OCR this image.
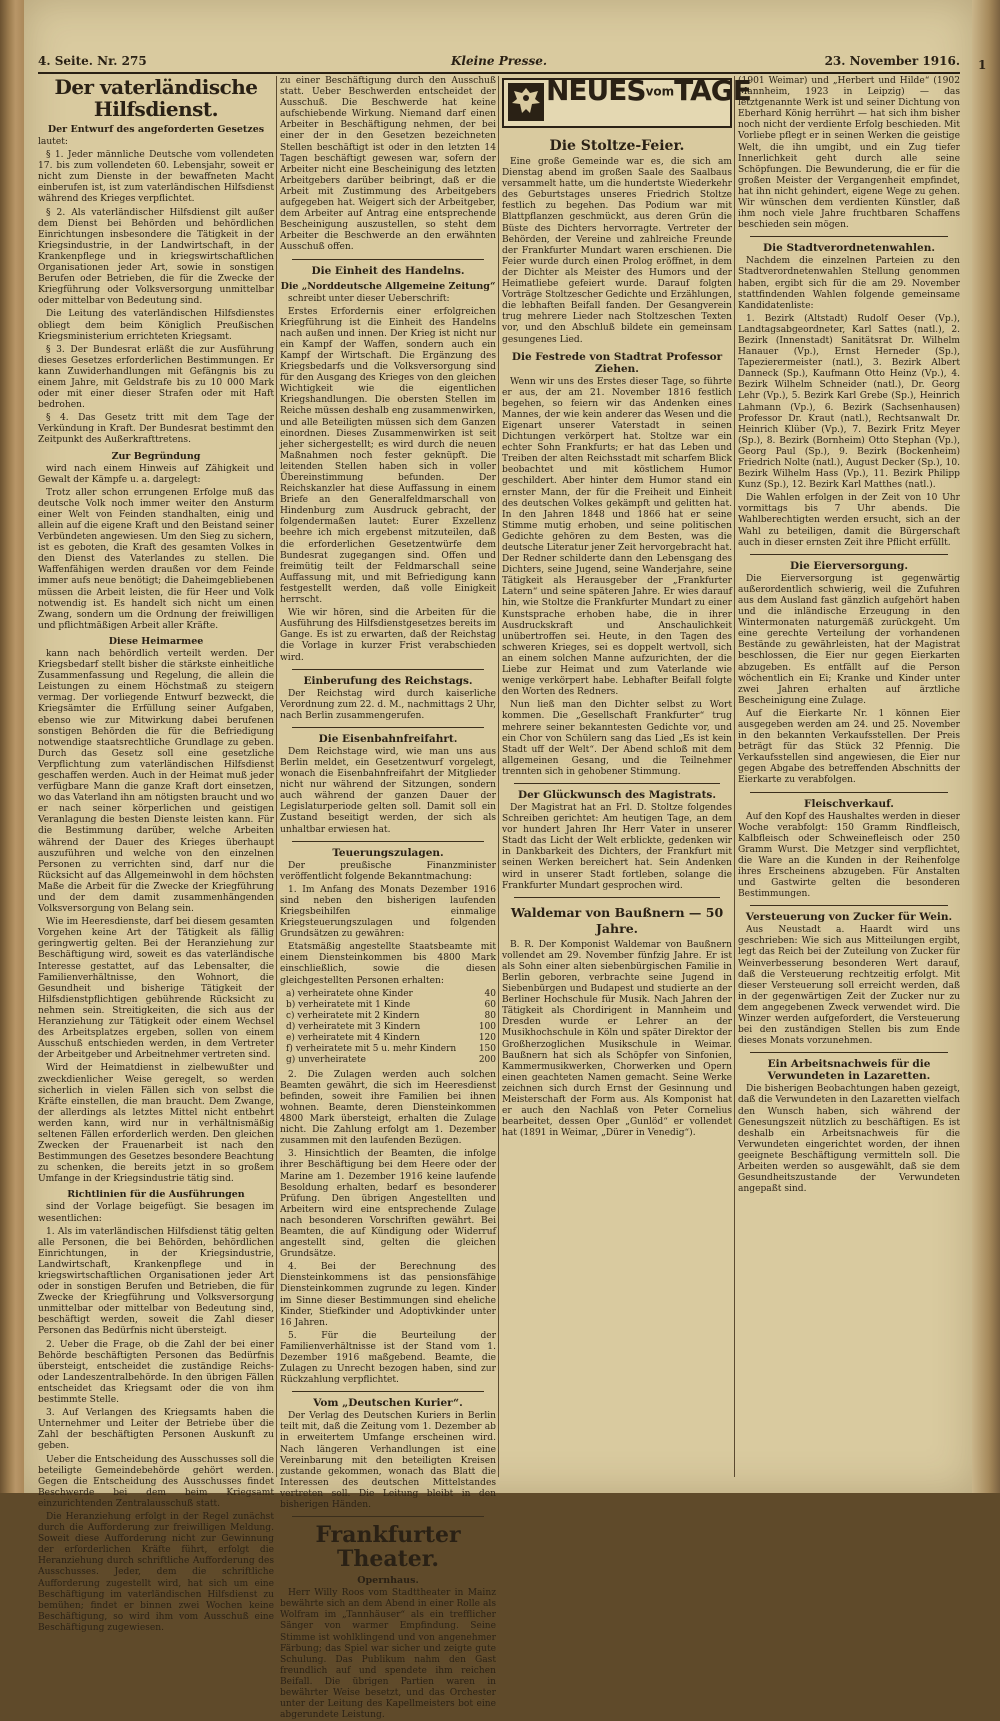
4. Seite. Nr. 275	Kleine Presse.	23. November 1916.
Der vaterländische Hilfsdienst.
Der Entwurf des angeforderten Gesetzes

lautet:

§ 1. Jeder männliche Deutsche vom vollendeten 17. bis zum vollendeten 60. Lebensjahr, soweit er nicht zum Dienste in der bewaffneten Macht einberufen ist, ist zum vaterländischen Hilfsdienst während des Krieges verpflichtet.

§ 2. Als vaterländischer Hilfsdienst gilt außer dem Dienst bei Behörden und behördlichen Einrichtungen insbesondere die Tätigkeit in der Kriegsindustrie, in der Landwirtschaft, in der Krankenpflege und in kriegswirtschaftlichen Organisationen jeder Art, sowie in sonstigen Berufen oder Betrieben, die für die Zwecke der Kriegführung oder Volksversorgung unmittelbar oder mittelbar von Bedeutung sind.

Die Leitung des vaterländischen Hilfsdienstes obliegt dem beim Königlich Preußischen Kriegsministerium errichteten Kriegsamt.

§ 3. Der Bundesrat erläßt die zur Ausführung dieses Gesetzes erforderlichen Bestimmungen. Er kann Zuwiderhandlungen mit Gefängnis bis zu einem Jahre, mit Geldstrafe bis zu 10 000 Mark oder mit einer dieser Strafen oder mit Haft bedrohen.

§ 4. Das Gesetz tritt mit dem Tage der Verkündung in Kraft. Der Bundesrat bestimmt den Zeitpunkt des Außerkrafttretens.

Zur Begründung

wird nach einem Hinweis auf Zähigkeit und Gewalt der Kämpfe u. a. dargelegt:

Trotz aller schon errungenen Erfolge muß das deutsche Volk noch immer weiter den Ansturm einer Welt von Feinden standhalten, einig und allein auf die eigene Kraft und den Beistand seiner Verbündeten angewiesen. Um den Sieg zu sichern, ist es geboten, die Kraft des gesamten Volkes in den Dienst des Vaterlandes zu stellen. Die Waffenfähigen werden draußen vor dem Feinde immer aufs neue benötigt; die Daheimgebliebenen müssen die Arbeit leisten, die für Heer und Volk notwendig ist. Es handelt sich nicht um einen Zwang, sondern um die Ordnung der freiwilligen und pflichtmäßigen Arbeit aller Kräfte.

Diese Heimarmee

kann nach behördlich verteilt werden. Der Kriegsbedarf stellt bisher die stärkste einheitliche Zusammenfassung und Regelung, die allein die Leistungen zu einem Höchstmaß zu steigern vermag. Der vorliegende Entwurf bezweckt, die Kriegsämter die Erfüllung seiner Aufgaben, ebenso wie zur Mitwirkung dabei berufenen sonstigen Behörden die für die Befriedigung notwendige staatsrechtliche Grundlage zu geben. Durch das Gesetz soll eine gesetzliche Verpflichtung zum vaterländischen Hilfsdienst geschaffen werden. Auch in der Heimat muß jeder verfügbare Mann die ganze Kraft dort einsetzen, wo das Vaterland ihn am nötigsten braucht und wo er nach seiner körperlichen und geistigen Veranlagung die besten Dienste leisten kann. Für die Bestimmung darüber, welche Arbeiten während der Dauer des Krieges überhaupt auszuführen und welche von den einzelnen Personen zu verrichten sind, darf nur die Rücksicht auf das Allgemeinwohl in dem höchsten Maße die Arbeit für die Zwecke der Kriegführung und der dem damit zusammenhängenden Volksversorgung von Belang sein.

Wie im Heeresdienste, darf bei diesem gesamten Vorgehen keine Art der Tätigkeit als fällig geringwertig gelten. Bei der Heranziehung zur Beschäftigung wird, soweit es das vaterländische Interesse gestattet, auf das Lebensalter, die Familienverhältnisse, den Wohnort, die Gesundheit und bisherige Tätigkeit der Hilfsdienstpflichtigen gebührende Rücksicht zu nehmen sein. Streitigkeiten, die sich aus der Heranziehung zur Tätigkeit oder einem Wechsel des Arbeitsplatzes ergeben, sollen von einem Ausschuß entschieden werden, in dem Vertreter der Arbeitgeber und Arbeitnehmer vertreten sind.

Wird der Heimatdienst in zielbewußter und zweckdienlicher Weise geregelt, so werden sicherlich in vielen Fällen sich von selbst die Kräfte einstellen, die man braucht. Dem Zwange, der allerdings als letztes Mittel nicht entbehrt werden kann, wird nur in verhältnismäßig seltenen Fällen erforderlich werden. Den gleichen Zwecken der Frauenarbeit ist nach den Bestimmungen des Gesetzes besondere Beachtung zu schenken, die bereits jetzt in so großem Umfange in der Kriegsindustrie tätig sind.

Richtlinien für die Ausführungen

sind der Vorlage beigefügt. Sie besagen im wesentlichen:

1. Als im vaterländischen Hilfsdienst tätig gelten alle Personen, die bei Behörden, behördlichen Einrichtungen, in der Kriegsindustrie, Landwirtschaft, Krankenpflege und in kriegswirtschaftlichen Organisationen jeder Art oder in sonstigen Berufen und Betrieben, die für Zwecke der Kriegführung und Volksversorgung unmittelbar oder mittelbar von Bedeutung sind, beschäftigt werden, soweit die Zahl dieser Personen das Bedürfnis nicht übersteigt.

2. Ueber die Frage, ob die Zahl der bei einer Behörde beschäftigten Personen das Bedürfnis übersteigt, entscheidet die zuständige Reichs- oder Landeszentralbehörde. In den übrigen Fällen entscheidet das Kriegsamt oder die von ihm bestimmte Stelle.

3. Auf Verlangen des Kriegsamts haben die Unternehmer und Leiter der Betriebe über die Zahl der beschäftigten Personen Auskunft zu geben.

Ueber die Entscheidung des Ausschusses soll die beteiligte Gemeindebehörde gehört werden. Gegen die Entscheidung des Ausschusses findet Beschwerde bei dem beim Kriegsamt einzurichtenden Zentralausschuß statt.

Die Heranziehung erfolgt in der Regel zunächst durch die Aufforderung zur freiwilligen Meldung. Soweit diese Aufforderung nicht zur Gewinnung der erforderlichen Kräfte führt, erfolgt die Heranziehung durch schriftliche Aufforderung des Ausschusses. Jeder, dem die schriftliche Aufforderung zugestellt wird, hat sich um eine Beschäftigung im vaterländischen Hilfsdienst zu bemühen; findet er binnen zwei Wochen keine Beschäftigung, so wird ihm vom Ausschuß eine Beschäftigung zugewiesen.

zu einer Beschäftigung durch den Ausschuß statt. Ueber Beschwerden entscheidet der Ausschuß. Die Beschwerde hat keine aufschiebende Wirkung. Niemand darf einen Arbeiter in Beschäftigung nehmen, der bei einer der in den Gesetzen bezeichneten Stellen beschäftigt ist oder in den letzten 14 Tagen beschäftigt gewesen war, sofern der Arbeiter nicht eine Bescheinigung des letzten Arbeitgebers darüber beibringt, daß er die Arbeit mit Zustimmung des Arbeitgebers aufgegeben hat. Weigert sich der Arbeitgeber, dem Arbeiter auf Antrag eine entsprechende Bescheinigung auszustellen, so steht dem Arbeiter die Beschwerde an den erwähnten Ausschuß offen.

Die Einheit des Handelns.
Die „Norddeutsche Allgemeine Zeitung“

schreibt unter dieser Ueberschrift:

Erstes Erfordernis einer erfolgreichen Kriegführung ist die Einheit des Handelns nach außen und innen. Der Krieg ist nicht nur ein Kampf der Waffen, sondern auch ein Kampf der Wirtschaft. Die Ergänzung des Kriegsbedarfs und die Volksversorgung sind für den Ausgang des Krieges von den gleichen Wichtigkeit wie die eigentlichen Kriegshandlungen. Die obersten Stellen im Reiche müssen deshalb eng zusammenwirken, und alle Beteiligten müssen sich dem Ganzen einordnen. Dieses Zusammenwirken ist seit jeher sichergestellt; es wird durch die neuen Maßnahmen noch fester geknüpft. Die leitenden Stellen haben sich in voller Übereinstimmung befunden. Der Reichskanzler hat diese Auffassung in einem Briefe an den Generalfeldmarschall von Hindenburg zum Ausdruck gebracht, der folgendermaßen lautet: Eurer Exzellenz beehre ich mich ergebenst mitzuteilen, daß die erforderlichen Gesetzentwürfe dem Bundesrat zugegangen sind. Offen und freimütig teilt der Feldmarschall seine Auffassung mit, und mit Befriedigung kann festgestellt werden, daß volle Einigkeit herrscht.

Wie wir hören, sind die Arbeiten für die Ausführung des Hilfsdienstgesetzes bereits im Gange. Es ist zu erwarten, daß der Reichstag die Vorlage in kurzer Frist verabschieden wird.

Einberufung des Reichstags.

Der Reichstag wird durch kaiserliche Verordnung zum 22. d. M., nachmittags 2 Uhr, nach Berlin zusammengerufen.

Die Eisenbahnfreifahrt.

Dem Reichstage wird, wie man uns aus Berlin meldet, ein Gesetzentwurf vorgelegt, wonach die Eisenbahnfreifahrt der Mitglieder nicht nur während der Sitzungen, sondern auch während der ganzen Dauer der Legislaturperiode gelten soll. Damit soll ein Zustand beseitigt werden, der sich als unhaltbar erwiesen hat.

Teuerungszulagen.

Der preußische Finanzminister veröffentlicht folgende Bekanntmachung:

1. Im Anfang des Monats Dezember 1916 sind neben den bisherigen laufenden Kriegsbeihilfen einmalige Kriegsteuerungszulagen und folgenden Grundsätzen zu gewähren:

Etatsmäßig angestellte Staatsbeamte mit einem Diensteinkommen bis 4800 Mark einschließlich, sowie die diesen gleichgestellten Personen erhalten:

a) verheiratete ohne Kinder	40
b) verheiratete mit 1 Kinde	60
c) verheiratete mit 2 Kindern	80
d) verheiratete mit 3 Kindern	100
e) verheiratete mit 4 Kindern	120
f) verheiratete mit 5 u. mehr Kindern	150
g) unverheiratete	200

2. Die Zulagen werden auch solchen Beamten gewährt, die sich im Heeresdienst befinden, soweit ihre Familien bei ihnen wohnen. Beamte, deren Diensteinkommen 4800 Mark übersteigt, erhalten die Zulage nicht. Die Zahlung erfolgt am 1. Dezember zusammen mit den laufenden Bezügen.

3. Hinsichtlich der Beamten, die infolge ihrer Beschäftigung bei dem Heere oder der Marine am 1. Dezember 1916 keine laufende Besoldung erhalten, bedarf es besonderer Prüfung. Den übrigen Angestellten und Arbeitern wird eine entsprechende Zulage nach besonderen Vorschriften gewährt. Bei Beamten, die auf Kündigung oder Widerruf angestellt sind, gelten die gleichen Grundsätze.

4. Bei der Berechnung des Diensteinkommens ist das pensionsfähige Diensteinkommen zugrunde zu legen. Kinder im Sinne dieser Bestimmungen sind eheliche Kinder, Stiefkinder und Adoptivkinder unter 16 Jahren.

5. Für die Beurteilung der Familienverhältnisse ist der Stand vom 1. Dezember 1916 maßgebend. Beamte, die Zulagen zu Unrecht bezogen haben, sind zur Rückzahlung verpflichtet.

Vom „Deutschen Kurier“.

Der Verlag des Deutschen Kuriers in Berlin teilt mit, daß die Zeitung vom 1. Dezember ab in erweitertem Umfange erscheinen wird. Nach längeren Verhandlungen ist eine Vereinbarung mit den beteiligten Kreisen zustande gekommen, wonach das Blatt die Interessen des deutschen Mittelstandes vertreten soll. Die Leitung bleibt in den bisherigen Händen.

Frankfurter Theater.
Opernhaus.

Herr Willy Roos vom Stadttheater in Mainz bewährte sich an dem Abend in einer Rolle als Wolfram im „Tannhäuser“ als ein trefflicher Sänger von warmer Empfindung. Seine Stimme ist wohlklingend und von angenehmer Färbung; das Spiel war sicher und zeigte gute Schulung. Das Publikum nahm den Gast freundlich auf und spendete ihm reichen Beifall. Die übrigen Partien waren in bewährter Weise besetzt, und das Orchester unter der Leitung des Kapellmeisters bot eine abgerundete Leistung.

NEUESvomTAGE
Die Stoltze-Feier.

Eine große Gemeinde war es, die sich am Dienstag abend im großen Saale des Saalbaus versammelt hatte, um die hundertste Wiederkehr des Geburtstages unseres Friedrich Stoltze festlich zu begehen. Das Podium war mit Blattpflanzen geschmückt, aus deren Grün die Büste des Dichters hervorragte. Vertreter der Behörden, der Vereine und zahlreiche Freunde der Frankfurter Mundart waren erschienen. Die Feier wurde durch einen Prolog eröffnet, in dem der Dichter als Meister des Humors und der Heimatliebe gefeiert wurde. Darauf folgten Vorträge Stoltzescher Gedichte und Erzählungen, die lebhaften Beifall fanden. Der Gesangverein trug mehrere Lieder nach Stoltzeschen Texten vor, und den Abschluß bildete ein gemeinsam gesungenes Lied.

Die Festrede von Stadtrat Professor Ziehen.

Wenn wir uns des Erstes dieser Tage, so führte er aus, der am 21. November 1816 festlich begehen, so feiern wir das Andenken eines Mannes, der wie kein anderer das Wesen und die Eigenart unserer Vaterstadt in seinen Dichtungen verkörpert hat. Stoltze war ein echter Sohn Frankfurts; er hat das Leben und Treiben der alten Reichsstadt mit scharfem Blick beobachtet und mit köstlichem Humor geschildert. Aber hinter dem Humor stand ein ernster Mann, der für die Freiheit und Einheit des deutschen Volkes gekämpft und gelitten hat. In den Jahren 1848 und 1866 hat er seine Stimme mutig erhoben, und seine politischen Gedichte gehören zu dem Besten, was die deutsche Literatur jener Zeit hervorgebracht hat. Der Redner schilderte dann den Lebensgang des Dichters, seine Jugend, seine Wanderjahre, seine Tätigkeit als Herausgeber der „Frankfurter Latern“ und seine späteren Jahre. Er wies darauf hin, wie Stoltze die Frankfurter Mundart zu einer Kunstsprache erhoben habe, die in ihrer Ausdruckskraft und Anschaulichkeit unübertroffen sei. Heute, in den Tagen des schweren Krieges, sei es doppelt wertvoll, sich an einem solchen Manne aufzurichten, der die Liebe zur Heimat und zum Vaterlande wie wenige verkörpert habe. Lebhafter Beifall folgte den Worten des Redners.

Nun ließ man den Dichter selbst zu Wort kommen. Die „Gesellschaft Frankfurter“ trug mehrere seiner bekanntesten Gedichte vor, und ein Chor von Schülern sang das Lied „Es ist kein Stadt uff der Welt“. Der Abend schloß mit dem allgemeinen Gesang, und die Teilnehmer trennten sich in gehobener Stimmung.

Der Glückwunsch des Magistrats.

Der Magistrat hat an Frl. D. Stoltze folgendes Schreiben gerichtet: Am heutigen Tage, an dem vor hundert Jahren Ihr Herr Vater in unserer Stadt das Licht der Welt erblickte, gedenken wir in Dankbarkeit des Dichters, der Frankfurt mit seinen Werken bereichert hat. Sein Andenken wird in unserer Stadt fortleben, solange die Frankfurter Mundart gesprochen wird.

Waldemar von Baußnern — 50 Jahre.

B. R. Der Komponist Waldemar von Baußnern vollendet am 29. November fünfzig Jahre. Er ist als Sohn einer alten siebenbürgischen Familie in Berlin geboren, verbrachte seine Jugend in Siebenbürgen und Budapest und studierte an der Berliner Hochschule für Musik. Nach Jahren der Tätigkeit als Chordirigent in Mannheim und Dresden wurde er Lehrer an der Musikhochschule in Köln und später Direktor der Großherzoglichen Musikschule in Weimar. Baußnern hat sich als Schöpfer von Sinfonien, Kammermusikwerken, Chorwerken und Opern einen geachteten Namen gemacht. Seine Werke zeichnen sich durch Ernst der Gesinnung und Meisterschaft der Form aus. Als Komponist hat er auch den Nachlaß von Peter Cornelius bearbeitet, dessen Oper „Gunlöd“ er vollendet hat (1891 in Weimar, „Dürer in Venedig“).

(1901 Weimar) und „Herbert und Hilde“ (1902 Mannheim, 1923 in Leipzig) — das letztgenannte Werk ist und seiner Dichtung von Eberhard König herrührt — hat sich ihm bisher noch nicht der verdiente Erfolg beschieden. Mit Vorliebe pflegt er in seinen Werken die geistige Welt, die ihn umgibt, und ein Zug tiefer Innerlichkeit geht durch alle seine Schöpfungen. Die Bewunderung, die er für die großen Meister der Vergangenheit empfindet, hat ihn nicht gehindert, eigene Wege zu gehen. Wir wünschen dem verdienten Künstler, daß ihm noch viele Jahre fruchtbaren Schaffens beschieden sein mögen.

Die Stadtverordnetenwahlen.

Nachdem die einzelnen Parteien zu den Stadtverordnetenwahlen Stellung genommen haben, ergibt sich für die am 29. November stattfindenden Wahlen folgende gemeinsame Kandidatenliste:

1. Bezirk (Altstadt) Rudolf Oeser (Vp.), Landtagsabgeordneter, Karl Sattes (natl.), 2. Bezirk (Innenstadt) Sanitätsrat Dr. Wilhelm Hanauer (Vp.), Ernst Herneder (Sp.), Tapezierermeister (natl.), 3. Bezirk Albert Danneck (Sp.), Kaufmann Otto Heinz (Vp.), 4. Bezirk Wilhelm Schneider (natl.), Dr. Georg Lehr (Vp.), 5. Bezirk Karl Grebe (Sp.), Heinrich Lahmann (Vp.), 6. Bezirk (Sachsenhausen) Professor Dr. Kraut (natl.), Rechtsanwalt Dr. Heinrich Klüber (Vp.), 7. Bezirk Fritz Meyer (Sp.), 8. Bezirk (Bornheim) Otto Stephan (Vp.), Georg Paul (Sp.), 9. Bezirk (Bockenheim) Friedrich Nolte (natl.), August Decker (Sp.), 10. Bezirk Wilhelm Hass (Vp.), 11. Bezirk Philipp Kunz (Sp.), 12. Bezirk Karl Matthes (natl.).

Die Wahlen erfolgen in der Zeit von 10 Uhr vormittags bis 7 Uhr abends. Die Wahlberechtigten werden ersucht, sich an der Wahl zu beteiligen, damit die Bürgerschaft auch in dieser ernsten Zeit ihre Pflicht erfüllt.

Die Eierversorgung.

Die Eierversorgung ist gegenwärtig außerordentlich schwierig, weil die Zufuhren aus dem Ausland fast gänzlich aufgehört haben und die inländische Erzeugung in den Wintermonaten naturgemäß zurückgeht. Um eine gerechte Verteilung der vorhandenen Bestände zu gewährleisten, hat der Magistrat beschlossen, die Eier nur gegen Eierkarten abzugeben. Es entfällt auf die Person wöchentlich ein Ei; Kranke und Kinder unter zwei Jahren erhalten auf ärztliche Bescheinigung eine Zulage.

Auf die Eierkarte Nr. 1 können Eier ausgegeben werden am 24. und 25. November in den bekannten Verkaufsstellen. Der Preis beträgt für das Stück 32 Pfennig. Die Verkaufsstellen sind angewiesen, die Eier nur gegen Abgabe des betreffenden Abschnitts der Eierkarte zu verabfolgen.

Fleischverkauf.

Auf den Kopf des Haushaltes werden in dieser Woche verabfolgt: 150 Gramm Rindfleisch, Kalbfleisch oder Schweinefleisch oder 250 Gramm Wurst. Die Metzger sind verpflichtet, die Ware an die Kunden in der Reihenfolge ihres Erscheinens abzugeben. Für Anstalten und Gastwirte gelten die besonderen Bestimmungen.

Versteuerung von Zucker für Wein.

Aus Neustadt a. Haardt wird uns geschrieben: Wie sich aus Mitteilungen ergibt, legt das Reich bei der Zuteilung von Zucker für Weinverbesserung besonderen Wert darauf, daß die Versteuerung rechtzeitig erfolgt. Mit dieser Versteuerung soll erreicht werden, daß in der gegenwärtigen Zeit der Zucker nur zu dem angegebenen Zweck verwendet wird. Die Winzer werden aufgefordert, die Versteuerung bei den zuständigen Stellen bis zum Ende dieses Monats vorzunehmen.

Ein Arbeitsnachweis für die Verwundeten in Lazaretten.

Die bisherigen Beobachtungen haben gezeigt, daß die Verwundeten in den Lazaretten vielfach den Wunsch haben, sich während der Genesungszeit nützlich zu beschäftigen. Es ist deshalb ein Arbeitsnachweis für die Verwundeten eingerichtet worden, der ihnen geeignete Beschäftigung vermitteln soll. Die Arbeiten werden so ausgewählt, daß sie dem Gesundheitszustande der Verwundeten angepaßt sind.

1
